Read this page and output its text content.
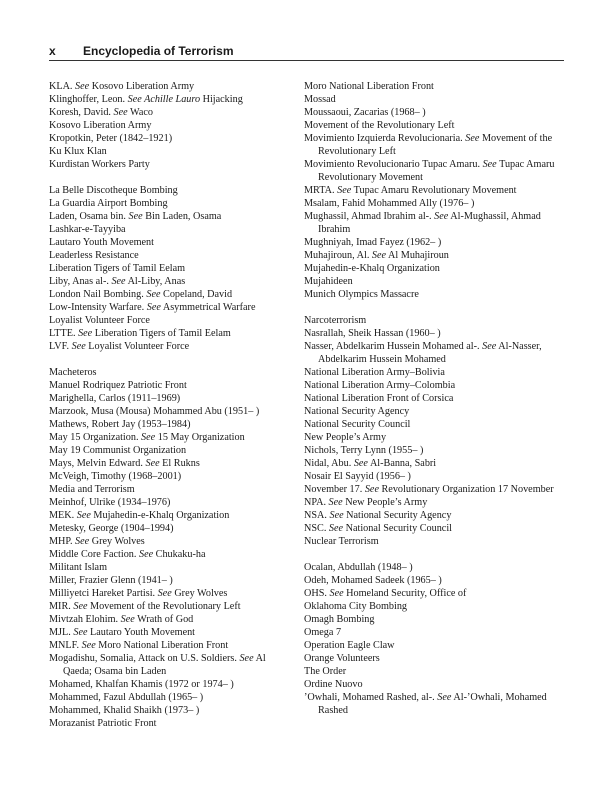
x	Encyclopedia of Terrorism
KLA. See Kosovo Liberation Army
Klinghoffer, Leon. See Achille Lauro Hijacking
Koresh, David. See Waco
Kosovo Liberation Army
Kropotkin, Peter (1842–1921)
Ku Klux Klan
Kurdistan Workers Party
La Belle Discotheque Bombing
La Guardia Airport Bombing
Laden, Osama bin. See Bin Laden, Osama
Lashkar-e-Tayyiba
Lautaro Youth Movement
Leaderless Resistance
Liberation Tigers of Tamil Eelam
Liby, Anas al-. See Al-Liby, Anas
London Nail Bombing. See Copeland, David
Low-Intensity Warfare. See Asymmetrical Warfare
Loyalist Volunteer Force
LTTE. See Liberation Tigers of Tamil Eelam
LVF. See Loyalist Volunteer Force
Macheteros
Manuel Rodriquez Patriotic Front
Marighella, Carlos (1911–1969)
Marzook, Musa (Mousa) Mohammed Abu (1951– )
Mathews, Robert Jay (1953–1984)
May 15 Organization. See 15 May Organization
May 19 Communist Organization
Mays, Melvin Edward. See El Rukns
McVeigh, Timothy (1968–2001)
Media and Terrorism
Meinhof, Ulrike (1934–1976)
MEK. See Mujahedin-e-Khalq Organization
Metesky, George (1904–1994)
MHP. See Grey Wolves
Middle Core Faction. See Chukaku-ha
Militant Islam
Miller, Frazier Glenn (1941– )
Milliyetci Hareket Partisi. See Grey Wolves
MIR. See Movement of the Revolutionary Left
Mivtzah Elohim. See Wrath of God
MJL. See Lautaro Youth Movement
MNLF. See Moro National Liberation Front
Mogadishu, Somalia, Attack on U.S. Soldiers. See Al Qaeda; Osama bin Laden
Mohamed, Khalfan Khamis (1972 or 1974– )
Mohammed, Fazul Abdullah (1965– )
Mohammed, Khalid Shaikh (1973– )
Morazanist Patriotic Front
Moro National Liberation Front
Mossad
Moussaoui, Zacarias (1968– )
Movement of the Revolutionary Left
Movimiento Izquierda Revolucionaria. See Movement of the Revolutionary Left
Movimiento Revolucionario Tupac Amaru. See Tupac Amaru Revolutionary Movement
MRTA. See Tupac Amaru Revolutionary Movement
Msalam, Fahid Mohammed Ally (1976– )
Mughassil, Ahmad Ibrahim al-. See Al-Mughassil, Ahmad Ibrahim
Mughniyah, Imad Fayez (1962– )
Muhajiroun, Al. See Al Muhajiroun
Mujahedin-e-Khalq Organization
Mujahideen
Munich Olympics Massacre
Narcoterrorism
Nasrallah, Sheik Hassan (1960– )
Nasser, Abdelkarim Hussein Mohamed al-. See Al-Nasser, Abdelkarim Hussein Mohamed
National Liberation Army–Bolivia
National Liberation Army–Colombia
National Liberation Front of Corsica
National Security Agency
National Security Council
New People’s Army
Nichols, Terry Lynn (1955– )
Nidal, Abu. See Al-Banna, Sabri
Nosair El Sayyid (1956– )
November 17. See Revolutionary Organization 17 November
NPA. See New People’s Army
NSA. See National Security Agency
NSC. See National Security Council
Nuclear Terrorism
Ocalan, Abdullah (1948– )
Odeh, Mohamed Sadeek (1965– )
OHS. See Homeland Security, Office of
Oklahoma City Bombing
Omagh Bombing
Omega 7
Operation Eagle Claw
Orange Volunteers
The Order
Ordine Nuovo
’Owhali, Mohamed Rashed, al-. See Al-’Owhali, Mohamed Rashed
